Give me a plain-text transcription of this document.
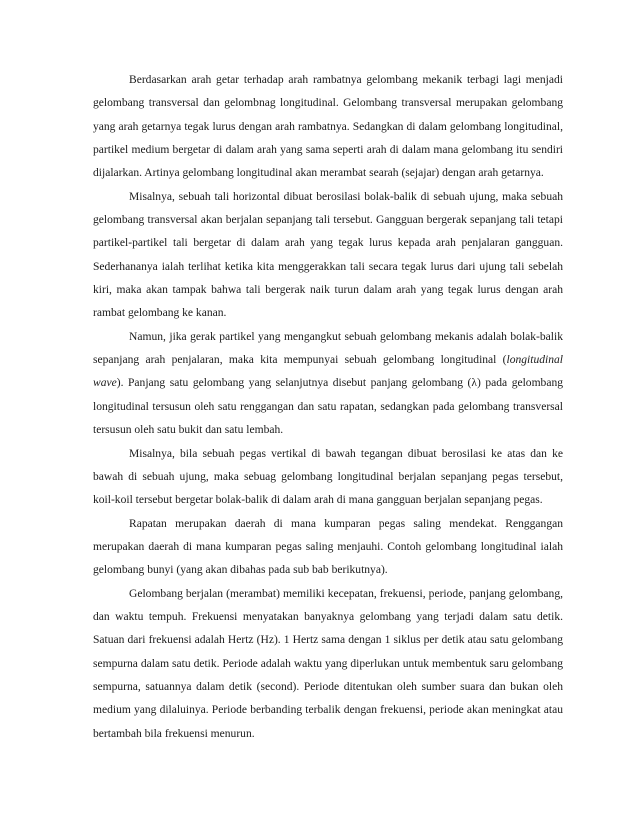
Berdasarkan arah getar terhadap arah rambatnya gelombang mekanik terbagi lagi menjadi gelombang transversal dan gelombnag longitudinal. Gelombang transversal merupakan gelombang yang arah getarnya tegak lurus dengan arah rambatnya. Sedangkan di dalam gelombang longitudinal, partikel medium bergetar di dalam arah yang sama seperti arah di dalam mana gelombang itu sendiri dijalarkan. Artinya gelombang longitudinal akan merambat searah (sejajar) dengan arah getarnya.

Misalnya, sebuah tali horizontal dibuat berosilasi bolak-balik di sebuah ujung, maka sebuah gelombang transversal akan berjalan sepanjang tali tersebut. Gangguan bergerak sepanjang tali tetapi partikel-partikel tali bergetar di dalam arah yang tegak lurus kepada arah penjalaran gangguan. Sederhananya ialah terlihat ketika kita menggerakkan tali secara tegak lurus dari ujung tali sebelah kiri, maka akan tampak bahwa tali bergerak naik turun dalam arah yang tegak lurus dengan arah rambat gelombang ke kanan.

Namun, jika gerak partikel yang mengangkut sebuah gelombang mekanis adalah bolak-balik sepanjang arah penjalaran, maka kita mempunyai sebuah gelombang longitudinal (longitudinal wave). Panjang satu gelombang yang selanjutnya disebut panjang gelombang (λ) pada gelombang longitudinal tersusun oleh satu renggangan dan satu rapatan, sedangkan pada gelombang transversal tersusun oleh satu bukit dan satu lembah.

Misalnya, bila sebuah pegas vertikal di bawah tegangan dibuat berosilasi ke atas dan ke bawah di sebuah ujung, maka sebuag gelombang longitudinal berjalan sepanjang pegas tersebut, koil-koil tersebut bergetar bolak-balik di dalam arah di mana gangguan berjalan sepanjang pegas.

Rapatan merupakan daerah di mana kumparan pegas saling mendekat. Renggangan merupakan daerah di mana kumparan pegas saling menjauhi. Contoh gelombang longitudinal ialah gelombang bunyi (yang akan dibahas pada sub bab berikutnya).

Gelombang berjalan (merambat) memiliki kecepatan, frekuensi, periode, panjang gelombang, dan waktu tempuh. Frekuensi menyatakan banyaknya gelombang yang terjadi dalam satu detik. Satuan dari frekuensi adalah Hertz (Hz). 1 Hertz sama dengan 1 siklus per detik atau satu gelombang sempurna dalam satu detik. Periode adalah waktu yang diperlukan untuk membentuk saru gelombang sempurna, satuannya dalam detik (second). Periode ditentukan oleh sumber suara dan bukan oleh medium yang dilaluinya. Periode berbanding terbalik dengan frekuensi, periode akan meningkat atau bertambah bila frekuensi menurun.
